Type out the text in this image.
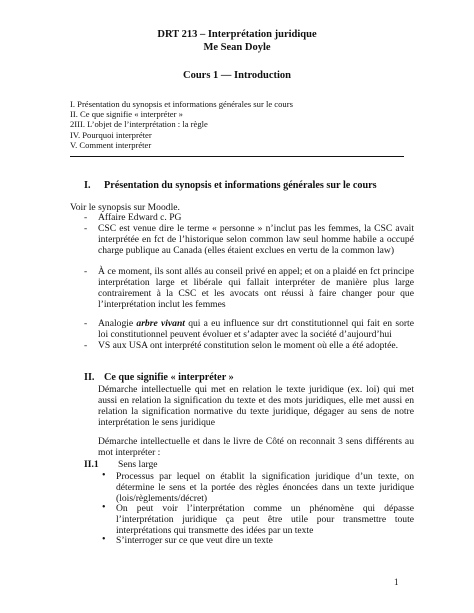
DRT 213 – Interprétation juridique
Me Sean Doyle
Cours 1 — Introduction
I. Présentation du synopsis et informations générales sur le cours
II. Ce que signifie « interpréter »
2III. L’objet de l’interprétation : la règle
IV. Pourquoi interpréter
V. Comment interpréter
I. Présentation du synopsis et informations générales sur le cours
Voir le synopsis sur Moodle.
- Affaire Edward c. PG
- CSC est venue dire le terme « personne » n’inclut pas les femmes, la CSC avait interprétée en fct de l’historique selon common law seul homme habile a occupé charge publique au Canada (elles étaient exclues en vertu de la common law)
- À ce moment, ils sont allés au conseil privé en appel; et on a plaidé en fct principe interprétation large et libérale qui fallait interpréter de manière plus large contrairement à la CSC et les avocats ont réussi à faire changer pour que l’interprétation inclut les femmes
- Analogie arbre vivant qui a eu influence sur drt constitutionnel qui fait en sorte loi constitutionnel peuvent évoluer et s’adapter avec la société d’aujourd’hui
- VS aux USA ont interprété constitution selon le moment où elle a été adoptée.
II. Ce que signifie « interpréter »
Démarche intellectuelle qui met en relation le texte juridique (ex. loi) qui met aussi en relation la signification du texte et des mots juridiques, elle met aussi en relation la signification normative du texte juridique, dégager au sens de notre interprétation le sens juridique
Démarche intellectuelle et dans le livre de Côté on reconnait 3 sens différents au mot interpréter :
II.1 Sens large
• Processus par lequel on établit la signification juridique d’un texte, on détermine le sens et la portée des règles énoncées dans un texte juridique (lois/règlements/décret)
• On peut voir l’interprétation comme un phénomène qui dépasse l’interprétation juridique ça peut être utile pour transmettre toute interprétations qui transmette des idées par un texte
• S’interroger sur ce que veut dire un texte
1
